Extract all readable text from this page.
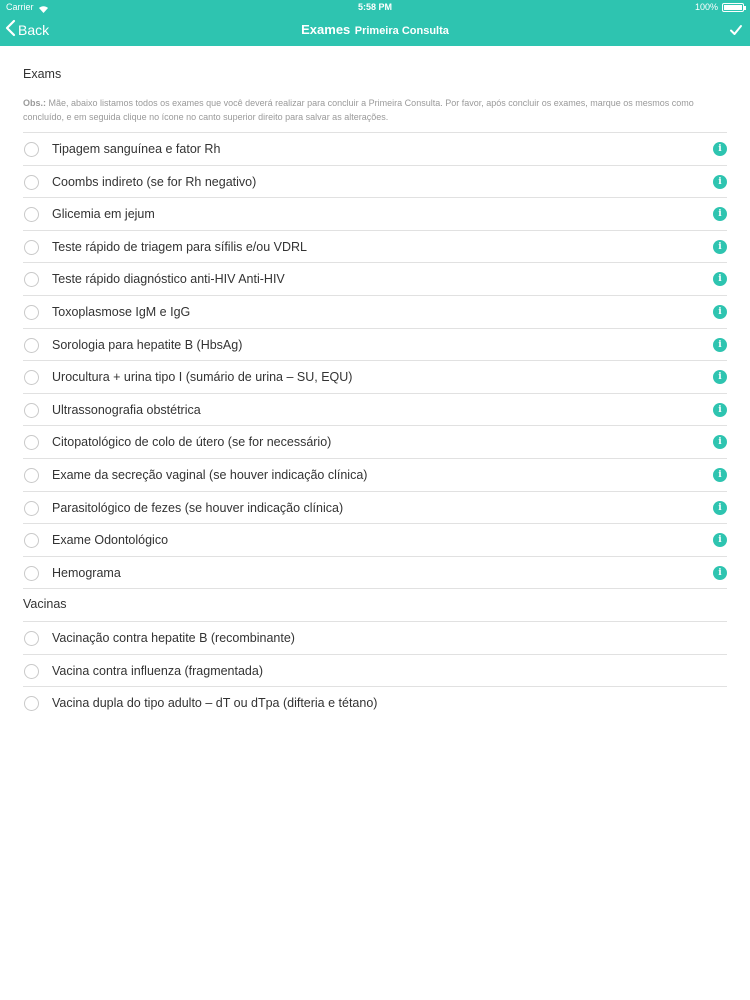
Carrier	5:58 PM	100%
Back	Exames Primeira Consulta
Exams
Obs.: Mãe, abaixo listamos todos os exames que você deverá realizar para concluir a Primeira Consulta. Por favor, após concluir os exames, marque os mesmos como concluído, e em seguida clique no ícone no canto superior direito para salvar as alterações.
Tipagem sanguínea e fator Rh	i
Coombs indireto (se for Rh negativo)	i
Glicemia em jejum	i
Teste rápido de triagem para sífilis e/ou VDRL	i
Teste rápido diagnóstico anti-HIV Anti-HIV	i
Toxoplasmose IgM e IgG	i
Sorologia para hepatite B (HbsAg)	i
Urocultura + urina tipo I (sumário de urina – SU, EQU)	i
Ultrassonografia obstétrica	i
Citopatológico de colo de útero (se for necessário)	i
Exame da secreção vaginal (se houver indicação clínica)	i
Parasitológico de fezes (se houver indicação clínica)	i
Exame Odontológico	i
Hemograma	i
Vacinas
Vacinação contra hepatite B (recombinante)
Vacina contra influenza (fragmentada)
Vacina dupla do tipo adulto – dT ou dTpa (difteria e tétano)
